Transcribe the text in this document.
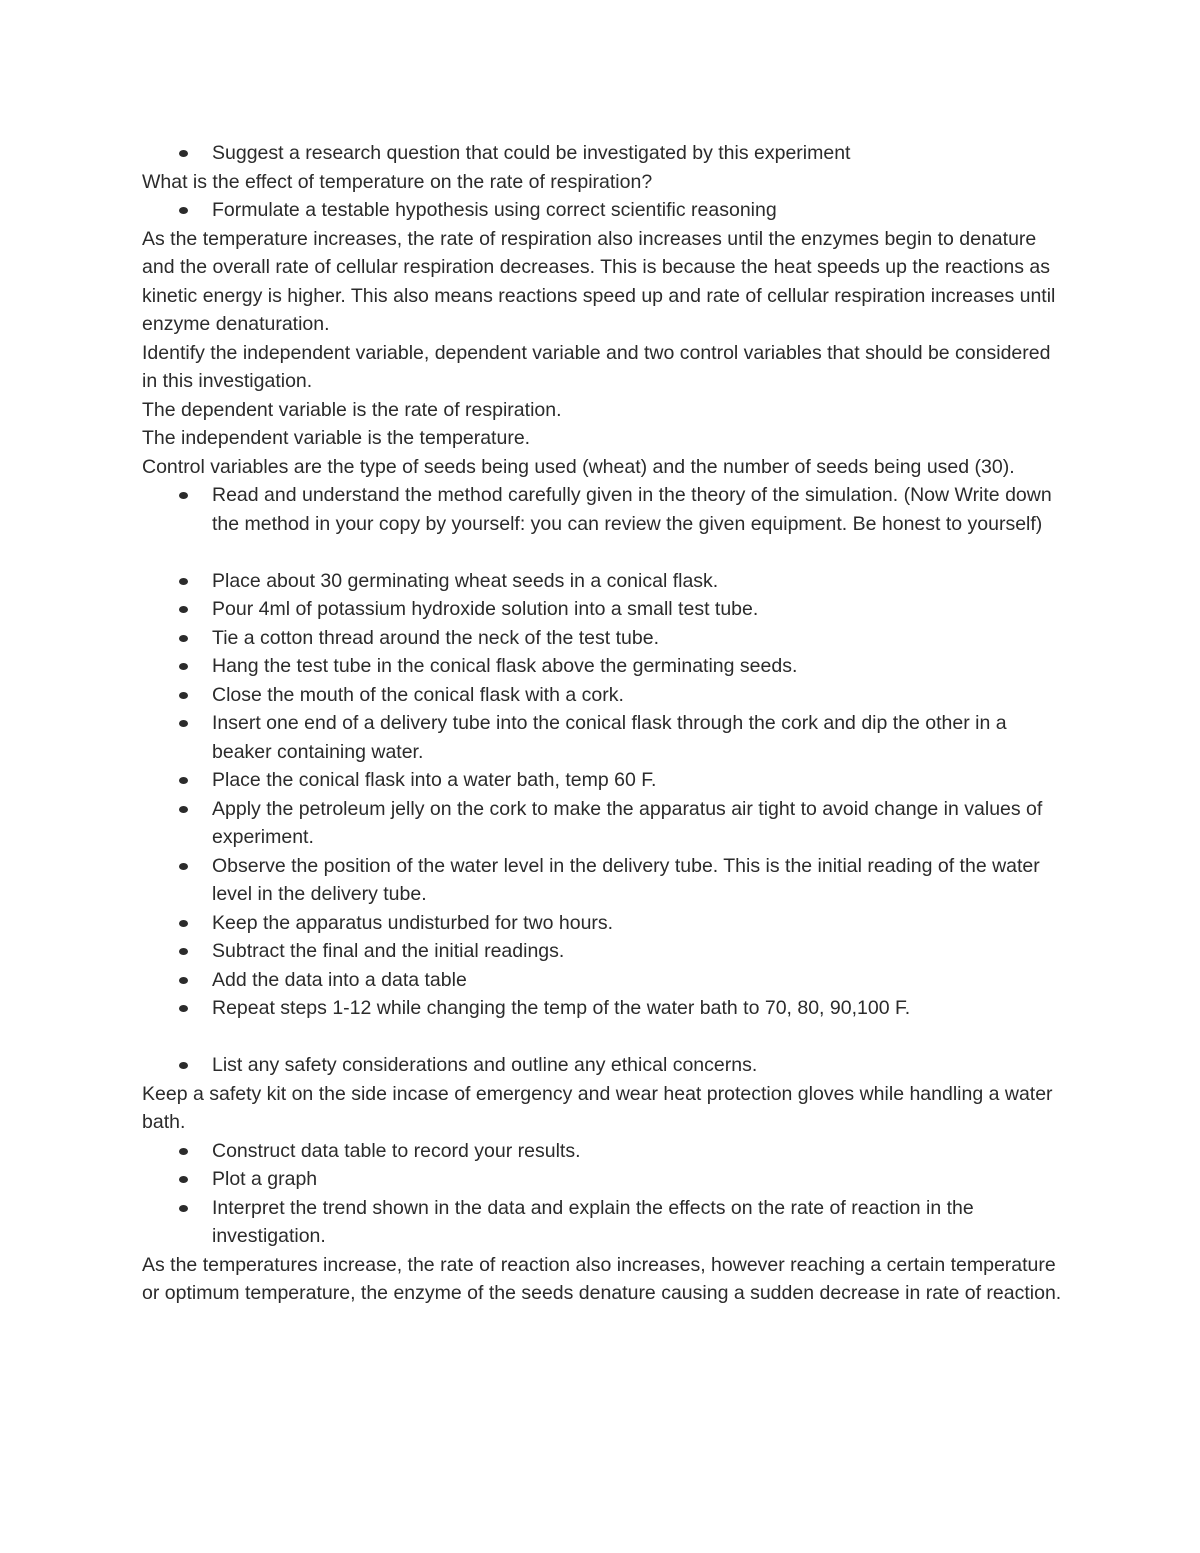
Suggest a research question that could be investigated by this experiment

What is the effect of temperature on the rate of respiration?

Formulate a testable hypothesis using correct scientific reasoning

As the temperature increases, the rate of respiration also increases until the enzymes begin to denature and the overall rate of cellular respiration decreases. This is because the heat speeds up the reactions as kinetic energy is higher. This also means reactions speed up and rate of cellular respiration increases until enzyme denaturation.

Identify the independent variable, dependent variable and two control variables that should be considered in this investigation.

The dependent variable is the rate of respiration.

The independent variable is the temperature.

Control variables are the type of seeds being used (wheat) and the number of seeds being used (30).

Read and understand the method carefully given in the theory of the simulation. (Now Write down the method in your copy by yourself: you can review the given equipment. Be honest to yourself)
Place about 30 germinating wheat seeds in a conical flask.
Pour 4ml of potassium hydroxide solution into a small test tube.
Tie a cotton thread around the neck of the test tube.
Hang the test tube in the conical flask above the germinating seeds.
Close the mouth of the conical flask with a cork.
Insert one end of a delivery tube into the conical flask through the cork and dip the other in a beaker containing water.
Place the conical flask into a water bath, temp 60 F.
Apply the petroleum jelly on the cork to make the apparatus air tight to avoid change in values of experiment.
Observe the position of the water level in the delivery tube. This is the initial reading of the water level in the delivery tube.
Keep the apparatus undisturbed for two hours.
Subtract the final and the initial readings.
Add the data into a data table
Repeat steps 1-12 while changing the temp of the water bath to 70, 80, 90,100 F.
List any safety considerations and outline any ethical concerns.

Keep a safety kit on the side incase of emergency and wear heat protection gloves while handling a water bath.

Construct data table to record your results.
Plot a graph
Interpret the trend shown in the data and explain the effects on the rate of reaction in the investigation.

As the temperatures increase, the rate of reaction also increases, however reaching a certain temperature or optimum temperature, the enzyme of the seeds denature causing a sudden decrease in rate of reaction.
